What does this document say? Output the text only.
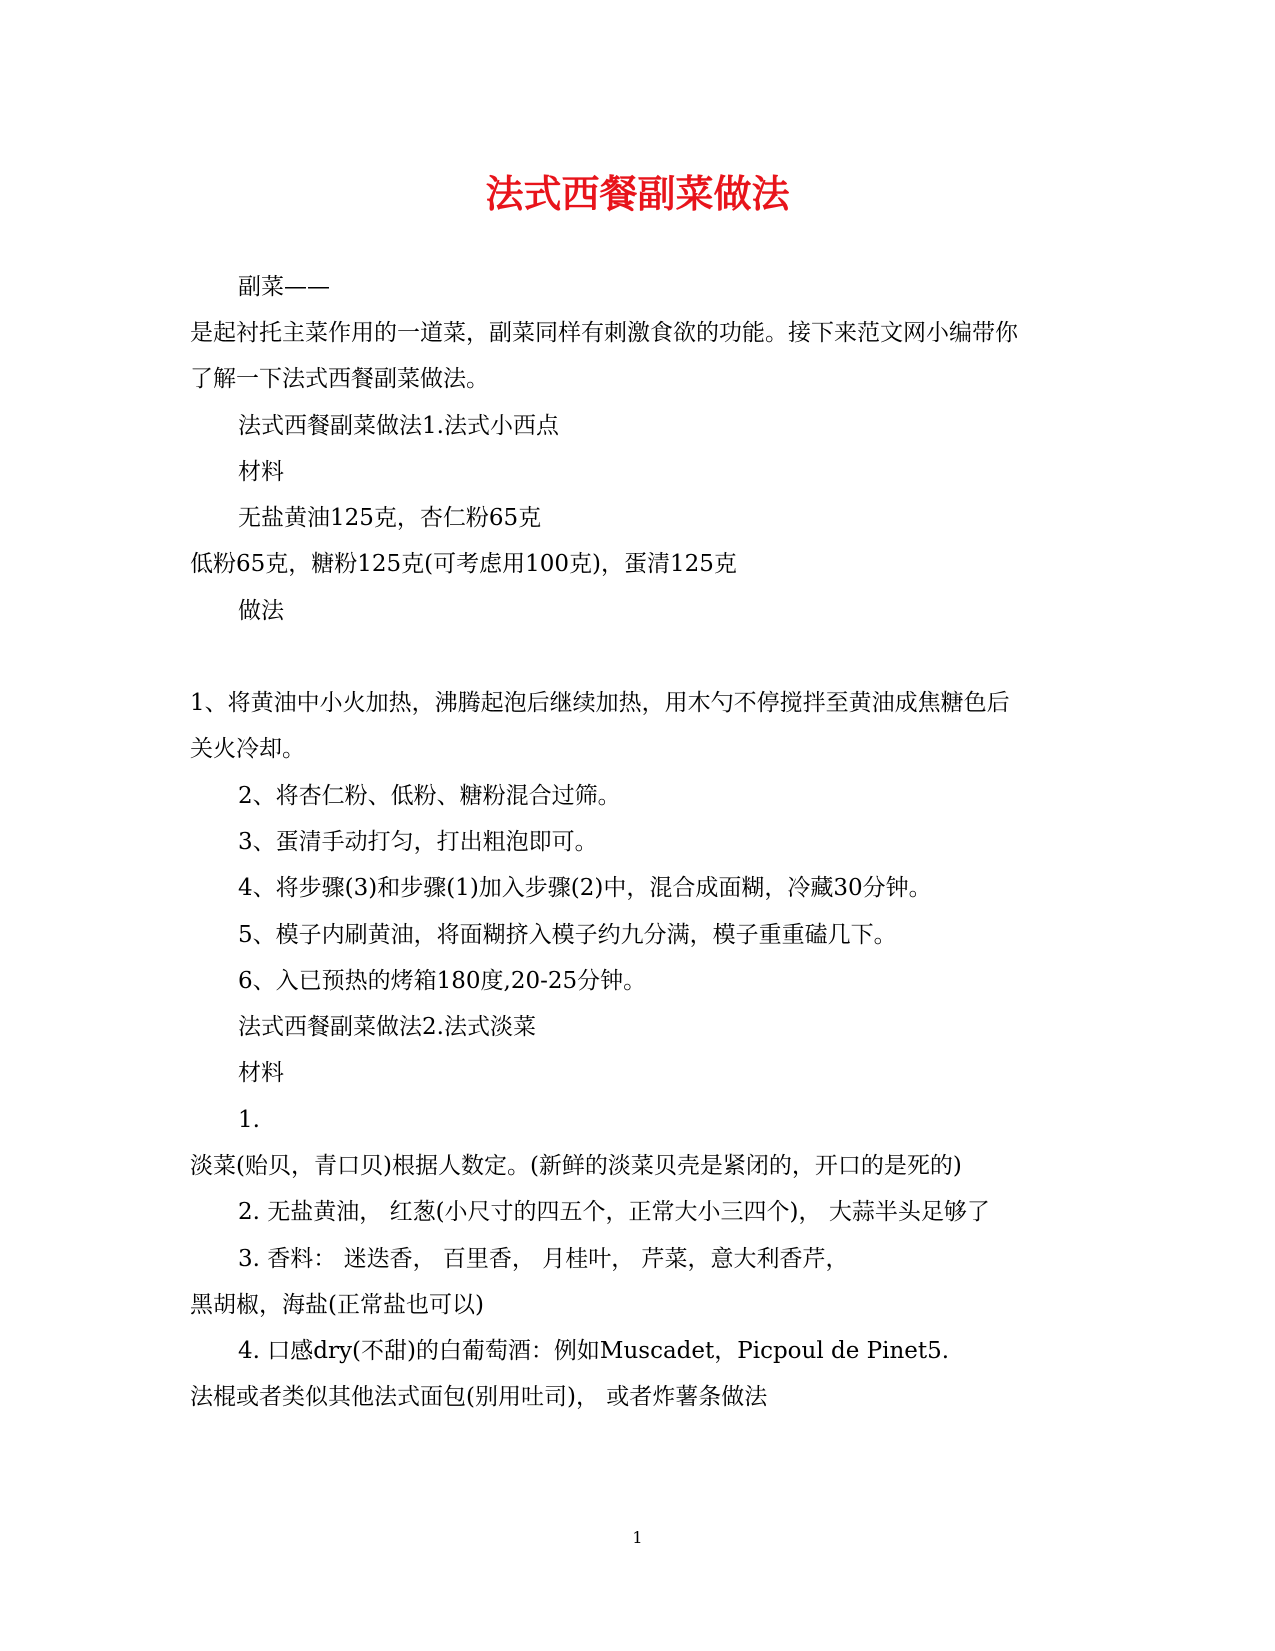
法式西餐副菜做法
副菜——
是起衬托主菜作用的一道菜，副菜同样有刺激食欲的功能。接下来范文网小编带你
了解一下法式西餐副菜做法。
法式西餐副菜做法1.法式小西点
材料
无盐黄油125克，杏仁粉65克
低粉65克，糖粉125克(可考虑用100克)，蛋清125克
做法
1、将黄油中小火加热，沸腾起泡后继续加热，用木勺不停搅拌至黄油成焦糖色后
关火冷却。
2、将杏仁粉、低粉、糖粉混合过筛。
3、蛋清手动打匀，打出粗泡即可。
4、将步骤(3)和步骤(1)加入步骤(2)中，混合成面糊，冷藏30分钟。
5、模子内刷黄油，将面糊挤入模子约九分满，模子重重磕几下。
6、入已预热的烤箱180度,20-25分钟。
法式西餐副菜做法2.法式淡菜
材料
1.
淡菜(贻贝，青口贝)根据人数定。(新鲜的淡菜贝壳是紧闭的，开口的是死的)
2. 无盐黄油， 红葱(小尺寸的四五个，正常大小三四个)， 大蒜半头足够了
3. 香料： 迷迭香， 百里香， 月桂叶， 芹菜，意大利香芹，
黑胡椒，海盐(正常盐也可以)
4. 口感dry(不甜)的白葡萄酒：例如Muscadet，Picpoul de Pinet5.
法棍或者类似其他法式面包(别用吐司)， 或者炸薯条做法
1
